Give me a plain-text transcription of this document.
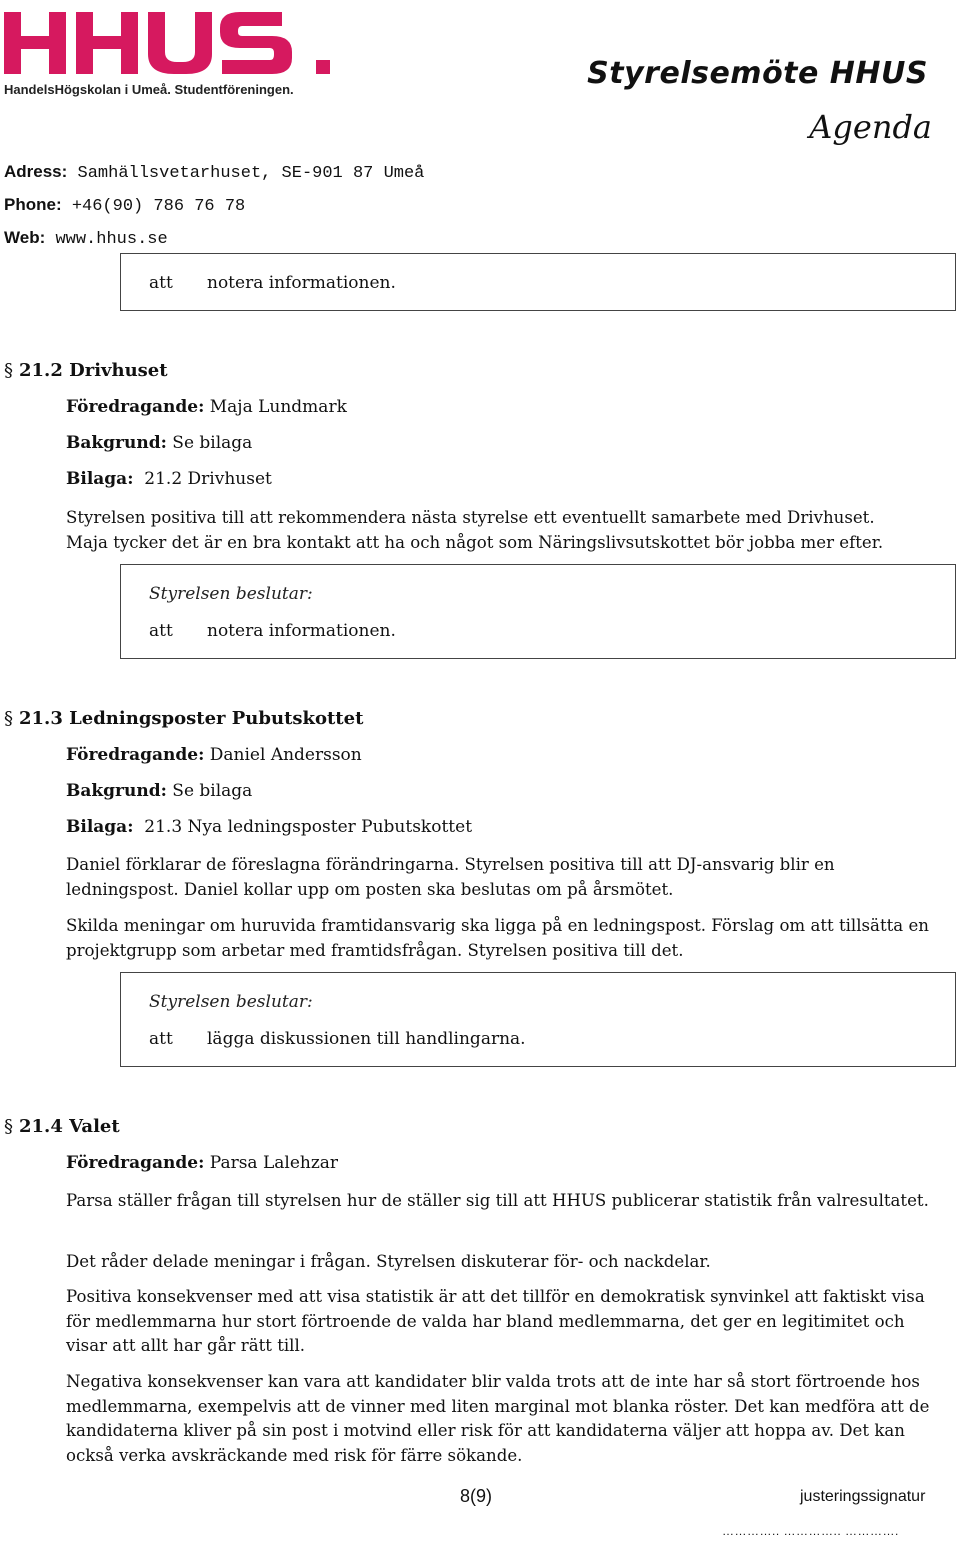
HandelsHögskolan i Umeå. Studentföreningen.	Styrelsemöte HHUS
Agenda
Adress: Samhällsvetarhuset, SE-901 87 Umeå
Phone: +46(90) 786 76 78
Web: www.hhus.se
att notera informationen.
§ 21.2 Drivhuset
Föredragande: Maja Lundmark
Bakgrund: Se bilaga
Bilaga: 21.2 Drivhuset
Styrelsen positiva till att rekommendera nästa styrelse ett eventuellt samarbete med Drivhuset.
Maja tycker det är en bra kontakt att ha och något som Näringslivsutskottet bör jobba mer efter.
Styrelsen beslutar:
att notera informationen.
§ 21.3 Ledningsposter Pubutskottet
Föredragande: Daniel Andersson
Bakgrund: Se bilaga
Bilaga: 21.3 Nya ledningsposter Pubutskottet
Daniel förklarar de föreslagna förändringarna. Styrelsen positiva till att DJ-ansvarig blir en ledningspost. Daniel kollar upp om posten ska beslutas om på årsmötet.
Skilda meningar om huruvida framtidansvarig ska ligga på en ledningspost. Förslag om att tillsätta en projektgrupp som arbetar med framtidsfrågan. Styrelsen positiva till det.
Styrelsen beslutar:
att lägga diskussionen till handlingarna.
§ 21.4 Valet
Föredragande: Parsa Lalehzar
Parsa ställer frågan till styrelsen hur de ställer sig till att HHUS publicerar statistik från valresultatet.
Det råder delade meningar i frågan. Styrelsen diskuterar för- och nackdelar.
Positiva konsekvenser med att visa statistik är att det tillför en demokratisk synvinkel att faktiskt visa för medlemmarna hur stort förtroende de valda har bland medlemmarna, det ger en legitimitet och visar att allt har går rätt till.
Negativa konsekvenser kan vara att kandidater blir valda trots att de inte har så stort förtroende hos medlemmarna, exempelvis att de vinner med liten marginal mot blanka röster. Det kan medföra att de kandidaterna kliver på sin post i motvind eller risk för att kandidaterna väljer att hoppa av. Det kan också verka avskräckande med risk för färre sökande.
8(9)	justeringssignatur
………….. ………….. ………….
